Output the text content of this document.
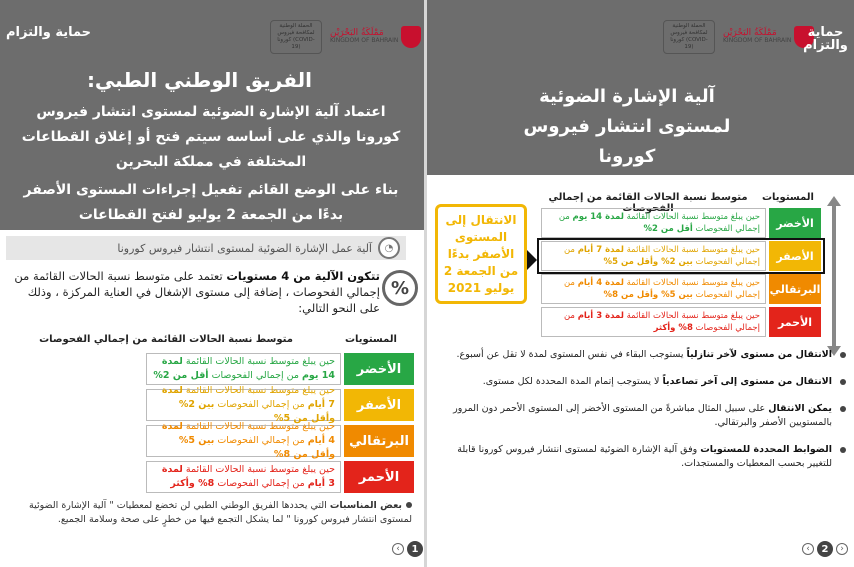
الحملة الوطنية لمكافحة فيروس كورونا (COVID-19)
مَمْلَكَةُ البَحْرَيْن
KINGDOM OF BAHRAIN
حماية والتزام
الفريق الوطني الطبي:
اعتماد آلية الإشارة الضوئية لمستوى انتشار فيروس كورونا والذي على أساسه سيتم فتح أو إغلاق القطاعات المختلفة في مملكة البحرين
بناء على الوضع القائم تفعيل إجراءات المستوى الأصفر بدءًا من الجمعة 2 يوليو لفتح القطاعات
◔
آلية عمل الإشارة الضوئية لمستوى انتشار فيروس كورونا
%
تتكون الآلية من 4 مستويات تعتمد على متوسط نسبة الحالات القائمة من إجمالي الفحوصات ، إضافة إلى مستوى الإشغال في العناية المركزة ، وذلك على النحو التالي:
المستويات
متوسط نسبة الحالات القائمة من إجمالي الفحوصات
الأخضر
حين يبلغ متوسط نسبة الحالات القائمة لمدة 14 يوم من إجمالي الفحوصات أقل من 2%
الأصفر
حين يبلغ متوسط نسبة الحالات القائمة لمدة 7 أيام من إجمالي الفحوصات بين 2% وأقل من 5%
البرتقالي
حين يبلغ متوسط نسبة الحالات القائمة لمدة 4 أيام من إجمالي الفحوصات بين 5% وأقل من 8%
الأحمر
حين يبلغ متوسط نسبة الحالات القائمة لمدة 3 أيام من إجمالي الفحوصات 8% وأكثر
بعض المناسبات التي يحددها الفريق الوطني الطبي لن تخضع لمعطيات " آلية الإشارة الضوئية لمستوى انتشار فيروس كورونا " لما يشكل التجمع فيها من خطرٍ على صحة وسلامة الجميع.
‹	1
الحملة الوطنية لمكافحة فيروس كورونا (COVID-19)
مَمْلَكَةُ البَحْرَيْن
KINGDOM OF BAHRAIN
حماية والتزام
آلية الإشارة الضوئية
لمستوى انتشار فيروس كورونا
المستويات
متوسط نسبة الحالات القائمة من إجمالي الفحوصات
الأخضر
حين يبلغ متوسط نسبة الحالات القائمة لمدة 14 يوم من إجمالي الفحوصات أقل من 2%
الأصفر
حين يبلغ متوسط نسبة الحالات القائمة لمدة 7 أيام من إجمالي الفحوصات بين 2% وأقل من 5%
البرتقالي
حين يبلغ متوسط نسبة الحالات القائمة لمدة 4 أيام من إجمالي الفحوصات بين 5% وأقل من 8%
الأحمر
حين يبلغ متوسط نسبة الحالات القائمة لمدة 3 أيام من إجمالي الفحوصات 8% وأكثر
الانتقال إلى المستوى الأصفر بدءًا من الجمعة 2 يوليو 2021
الانتقال من مستوى لآخر تنازلياً يستوجب البقاء في نفس المستوى لمدة لا تقل عن أسبوع.
الانتقال من مستوى إلى آخر تصاعدياً لا يستوجب إتمام المدة المحددة لكل مستوى.
يمكن الانتقال على سبيل المثال مباشرةً من المستوى الأخضر إلى المستوى الأحمر دون المرور بالمستويين الأصفر والبرتقالي.
الضوابط المحددة للمستويات وفق آلية الإشارة الضوئية لمستوى انتشار فيروس كورونا قابلة للتغيير بحسب المعطيات والمستجدات.
‹	2	›
